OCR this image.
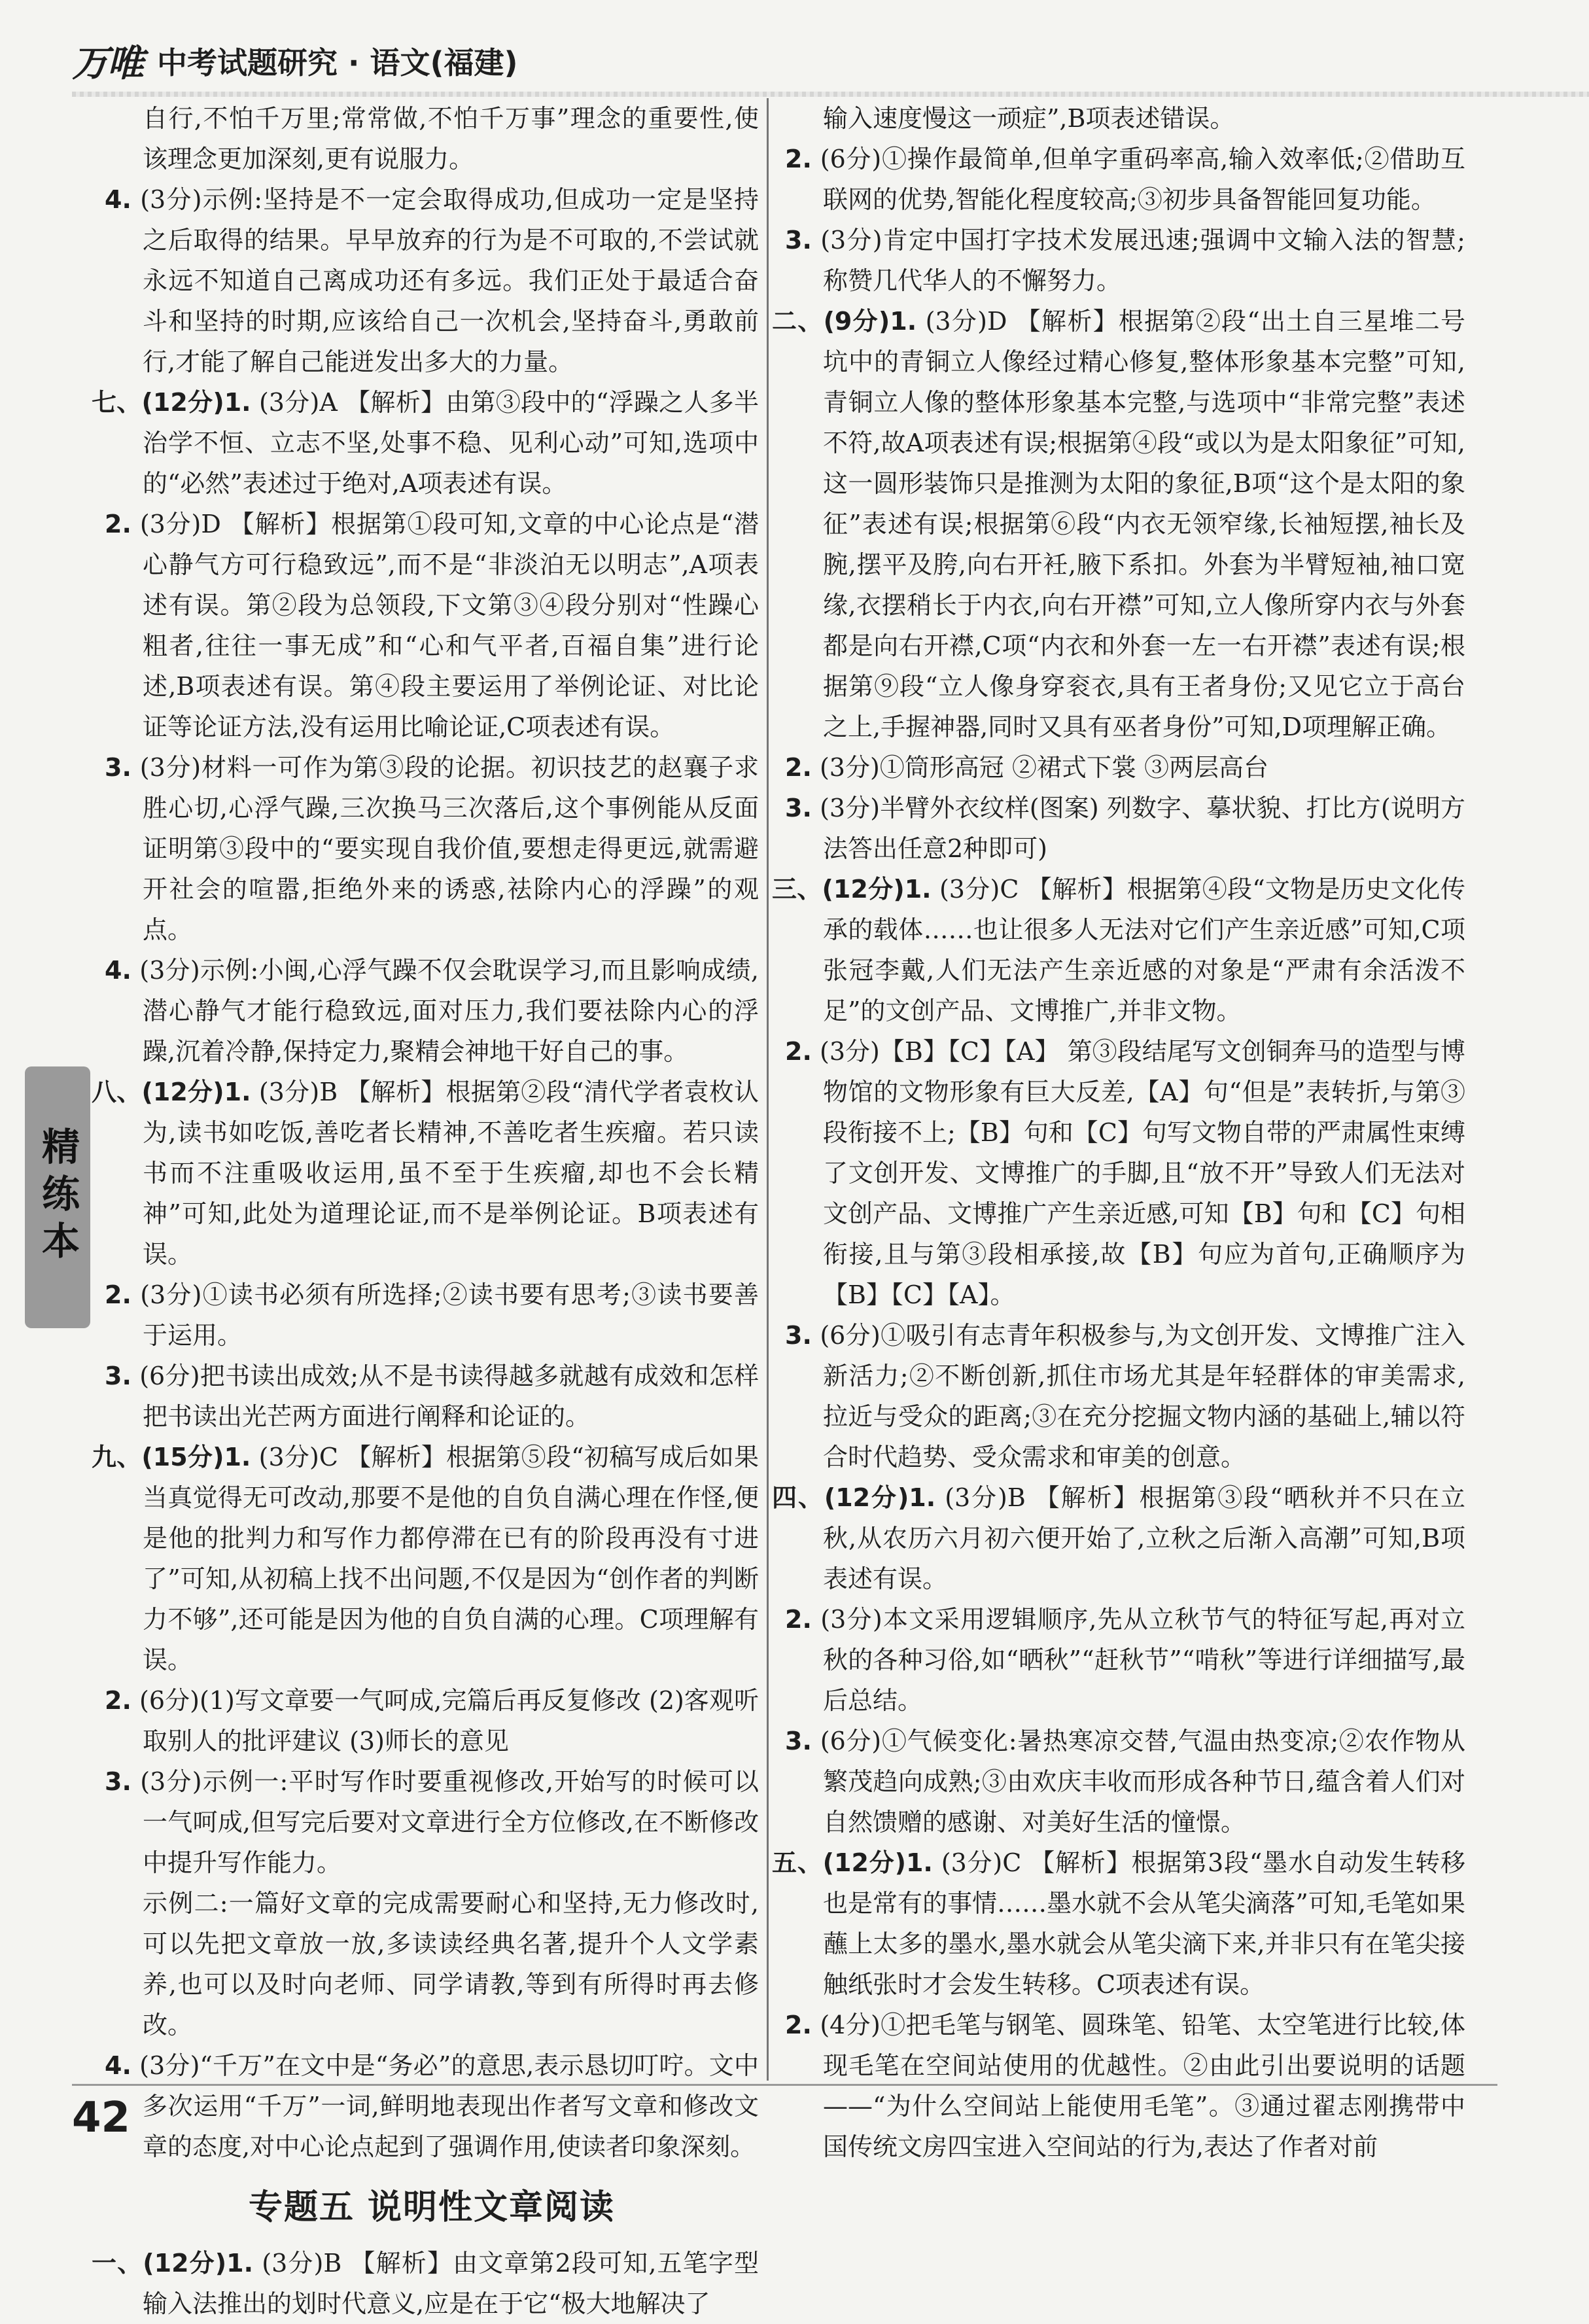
万唯 中考试题研究 · 语文(福建)

自行,不怕千万里;常常做,不怕千万事”理念的重要性,使该理念更加深刻,更有说服力。

4. (3分)示例:坚持是不一定会取得成功,但成功一定是坚持之后取得的结果。早早放弃的行为是不可取的,不尝试就永远不知道自己离成功还有多远。我们正处于最适合奋斗和坚持的时期,应该给自己一次机会,坚持奋斗,勇敢前行,才能了解自己能迸发出多大的力量。

七、(12分)1. (3分)A 【解析】由第③段中的“浮躁之人多半治学不恒、立志不坚,处事不稳、见利心动”可知,选项中的“必然”表述过于绝对,A项表述有误。

2. (3分)D 【解析】根据第①段可知,文章的中心论点是“潜心静气方可行稳致远”,而不是“非淡泊无以明志”,A项表述有误。第②段为总领段,下文第③④段分别对“性躁心粗者,往往一事无成”和“心和气平者,百福自集”进行论述,B项表述有误。第④段主要运用了举例论证、对比论证等论证方法,没有运用比喻论证,C项表述有误。

3. (3分)材料一可作为第③段的论据。初识技艺的赵襄子求胜心切,心浮气躁,三次换马三次落后,这个事例能从反面证明第③段中的“要实现自我价值,要想走得更远,就需避开社会的喧嚣,拒绝外来的诱惑,祛除内心的浮躁”的观点。

4. (3分)示例:小闽,心浮气躁不仅会耽误学习,而且影响成绩,潜心静气才能行稳致远,面对压力,我们要祛除内心的浮躁,沉着冷静,保持定力,聚精会神地干好自己的事。

八、(12分)1. (3分)B 【解析】根据第②段“清代学者袁枚认为,读书如吃饭,善吃者长精神,不善吃者生疾瘤。若只读书而不注重吸收运用,虽不至于生疾瘤,却也不会长精神”可知,此处为道理论证,而不是举例论证。B项表述有误。

2. (3分)①读书必须有所选择;②读书要有思考;③读书要善于运用。

3. (6分)把书读出成效;从不是书读得越多就越有成效和怎样把书读出光芒两方面进行阐释和论证的。

九、(15分)1. (3分)C 【解析】根据第⑤段“初稿写成后如果当真觉得无可改动,那要不是他的自负自满心理在作怪,便是他的批判力和写作力都停滞在已有的阶段再没有寸进了”可知,从初稿上找不出问题,不仅是因为“创作者的判断力不够”,还可能是因为他的自负自满的心理。C项理解有误。

2. (6分)(1)写文章要一气呵成,完篇后再反复修改 (2)客观听取别人的批评建议 (3)师长的意见

3. (3分)示例一:平时写作时要重视修改,开始写的时候可以一气呵成,但写完后要对文章进行全方位修改,在不断修改中提升写作能力。

示例二:一篇好文章的完成需要耐心和坚持,无力修改时,可以先把文章放一放,多读读经典名著,提升个人文学素养,也可以及时向老师、同学请教,等到有所得时再去修改。

4. (3分)“千万”在文中是“务必”的意思,表示恳切叮咛。文中多次运用“千万”一词,鲜明地表现出作者写文章和修改文章的态度,对中心论点起到了强调作用,使读者印象深刻。

专题五 说明性文章阅读

一、(12分)1. (3分)B 【解析】由文章第2段可知,五笔字型输入法推出的划时代意义,应是在于它“极大地解决了

输入速度慢这一顽症”,B项表述错误。

2. (6分)①操作最简单,但单字重码率高,输入效率低;②借助互联网的优势,智能化程度较高;③初步具备智能回复功能。

3. (3分)肯定中国打字技术发展迅速;强调中文输入法的智慧;称赞几代华人的不懈努力。

二、(9分)1. (3分)D 【解析】根据第②段“出土自三星堆二号坑中的青铜立人像经过精心修复,整体形象基本完整”可知,青铜立人像的整体形象基本完整,与选项中“非常完整”表述不符,故A项表述有误;根据第④段“或以为是太阳象征”可知,这一圆形装饰只是推测为太阳的象征,B项“这个是太阳的象征”表述有误;根据第⑥段“内衣无领窄缘,长袖短摆,袖长及腕,摆平及胯,向右开衽,腋下系扣。外套为半臂短袖,袖口宽缘,衣摆稍长于内衣,向右开襟”可知,立人像所穿内衣与外套都是向右开襟,C项“内衣和外套一左一右开襟”表述有误;根据第⑨段“立人像身穿衮衣,具有王者身份;又见它立于高台之上,手握神器,同时又具有巫者身份”可知,D项理解正确。

2. (3分)①筒形高冠 ②裙式下裳 ③两层高台

3. (3分)半臂外衣纹样(图案) 列数字、摹状貌、打比方(说明方法答出任意2种即可)

三、(12分)1. (3分)C 【解析】根据第④段“文物是历史文化传承的载体……也让很多人无法对它们产生亲近感”可知,C项张冠李戴,人们无法产生亲近感的对象是“严肃有余活泼不足”的文创产品、文博推广,并非文物。

2. (3分)【B】【C】【A】 第③段结尾写文创铜奔马的造型与博物馆的文物形象有巨大反差,【A】句“但是”表转折,与第③段衔接不上;【B】句和【C】句写文物自带的严肃属性束缚了文创开发、文博推广的手脚,且“放不开”导致人们无法对文创产品、文博推广产生亲近感,可知【B】句和【C】句相衔接,且与第③段相承接,故【B】句应为首句,正确顺序为【B】【C】【A】。

3. (6分)①吸引有志青年积极参与,为文创开发、文博推广注入新活力;②不断创新,抓住市场尤其是年轻群体的审美需求,拉近与受众的距离;③在充分挖掘文物内涵的基础上,辅以符合时代趋势、受众需求和审美的创意。

四、(12分)1. (3分)B 【解析】根据第③段“晒秋并不只在立秋,从农历六月初六便开始了,立秋之后渐入高潮”可知,B项表述有误。

2. (3分)本文采用逻辑顺序,先从立秋节气的特征写起,再对立秋的各种习俗,如“晒秋”“赶秋节”“啃秋”等进行详细描写,最后总结。

3. (6分)①气候变化:暑热寒凉交替,气温由热变凉;②农作物从繁茂趋向成熟;③由欢庆丰收而形成各种节日,蕴含着人们对自然馈赠的感谢、对美好生活的憧憬。

五、(12分)1. (3分)C 【解析】根据第3段“墨水自动发生转移也是常有的事情……墨水就不会从笔尖滴落”可知,毛笔如果蘸上太多的墨水,墨水就会从笔尖滴下来,并非只有在笔尖接触纸张时才会发生转移。C项表述有误。

2. (4分)①把毛笔与钢笔、圆珠笔、铅笔、太空笔进行比较,体现毛笔在空间站使用的优越性。②由此引出要说明的话题——“为什么空间站上能使用毛笔”。③通过翟志刚携带中国传统文房四宝进入空间站的行为,表达了作者对前

精练本
42
